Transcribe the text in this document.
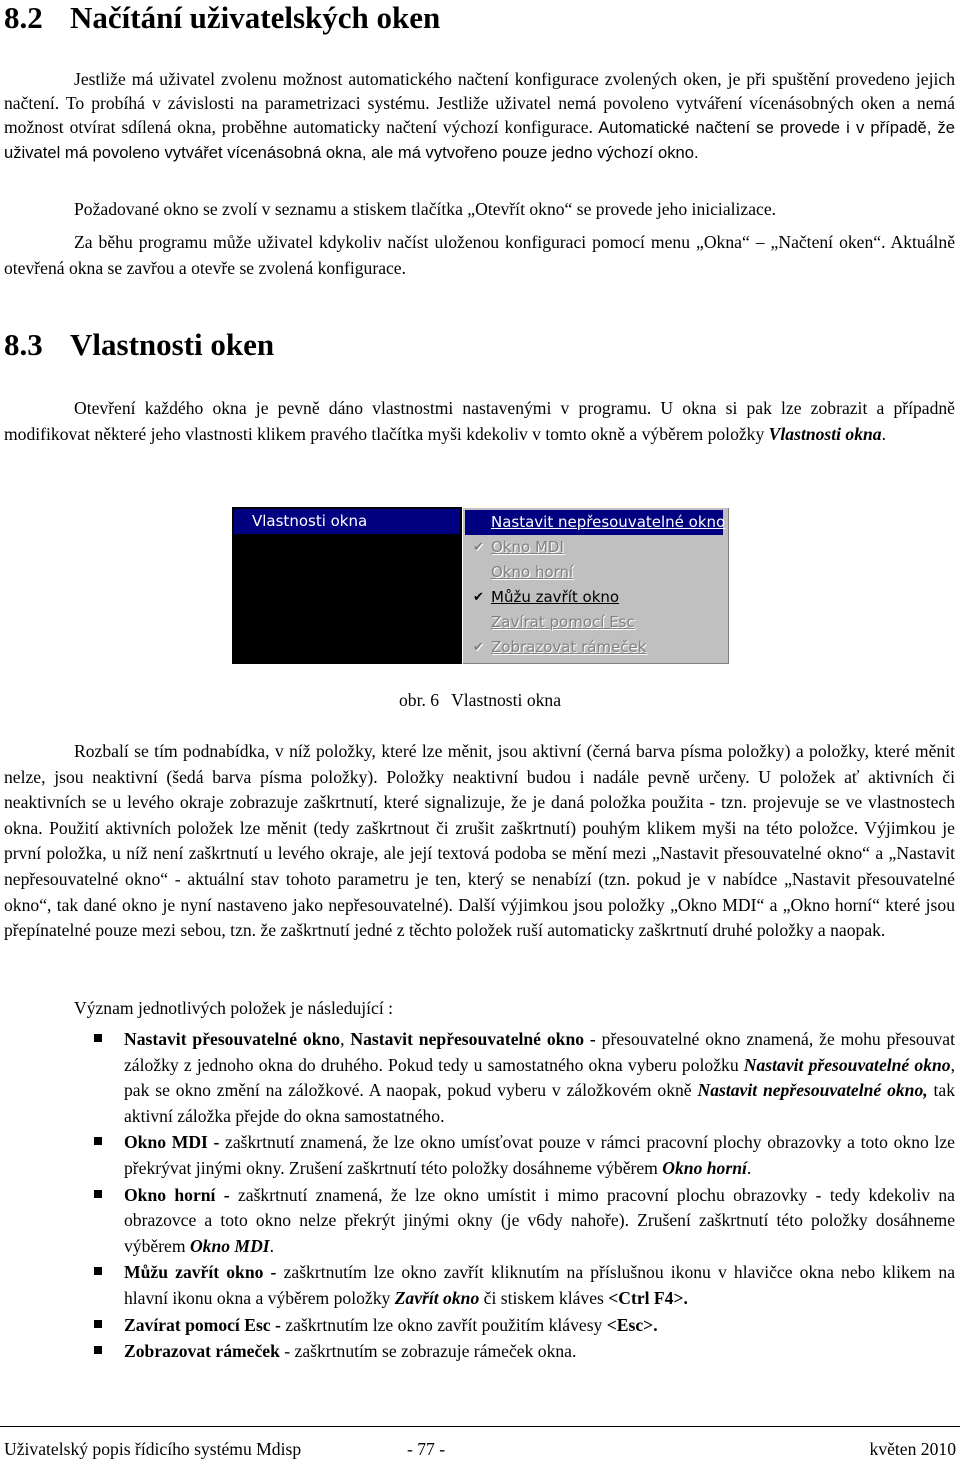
8.2 Načítání uživatelských oken

Jestliže má uživatel zvolenu možnost automatického načtení konfigurace zvolených oken, je při spuštění provedeno jejich načtení. To probíhá v závislosti na parametrizaci systému. Jestliže uživatel nemá povoleno vytváření vícenásobných oken a nemá možnost otvírat sdílená okna, proběhne automaticky načtení výchozí konfigurace. Automatické načtení se provede i v případě, že uživatel má povoleno vytvářet vícenásobná okna, ale má vytvořeno pouze jedno výchozí okno.

Požadované okno se zvolí v seznamu a stiskem tlačítka „Otevřít okno“ se provede jeho inicializace.

Za běhu programu může uživatel kdykoliv načíst uloženou konfiguraci pomocí menu „Okna“ – „Načtení oken“. Aktuálně otevřená okna se zavřou a otevře se zvolená konfigurace.

8.3 Vlastnosti oken

Otevření každého okna je pevně dáno vlastnostmi nastavenými v programu. U okna si pak lze zobrazit a případně modifikovat některé jeho vlastnosti klikem pravého tlačítka myši kdekoliv v tomto okně a výběrem položky Vlastnosti okna.

Vlastnosti okna	Nastavit nepřesouvatelné okno
✔ Okno MDI
Okno horní
✔ Můžu zavřít okno
Zavírat pomocí Esc
✔ Zobrazovat rámeček
obr. 6 Vlastnosti okna

Rozbalí se tím podnabídka, v níž položky, které lze měnit, jsou aktivní (černá barva písma položky) a položky, které měnit nelze, jsou neaktivní (šedá barva písma položky). Položky neaktivní budou i nadále pevně určeny. U položek ať aktivních či neaktivních se u levého okraje zobrazuje zaškrtnutí, které signalizuje, že je daná položka použita - tzn. projevuje se ve vlastnostech okna. Použití aktivních položek lze měnit (tedy zaškrtnout či zrušit zaškrtnutí) pouhým klikem myši na této položce. Výjimkou je první položka, u níž není zaškrtnutí u levého okraje, ale její textová podoba se mění mezi „Nastavit přesouvatelné okno“ a „Nastavit nepřesouvatelné okno“ - aktuální stav tohoto parametru je ten, který se nenabízí (tzn. pokud je v nabídce „Nastavit přesouvatelné okno“, tak dané okno je nyní nastaveno jako nepřesouvatelné). Další výjimkou jsou položky „Okno MDI“ a „Okno horní“ které jsou přepínatelné pouze mezi sebou, tzn. že zaškrtnutí jedné z těchto položek ruší automaticky zaškrtnutí druhé položky a naopak.

Význam jednotlivých položek je následující :

Nastavit přesouvatelné okno, Nastavit nepřesouvatelné okno - přesouvatelné okno znamená, že mohu přesouvat záložky z jednoho okna do druhého. Pokud tedy u samostatného okna vyberu položku Nastavit přesouvatelné okno, pak se okno změní na záložkové. A naopak, pokud vyberu v záložkovém okně Nastavit nepřesouvatelné okno, tak aktivní záložka přejde do okna samostatného.
Okno MDI - zaškrtnutí znamená, že lze okno umísťovat pouze v rámci pracovní plochy obrazovky a toto okno lze překrývat jinými okny. Zrušení zaškrtnutí této položky dosáhneme výběrem Okno horní.
Okno horní - zaškrtnutí znamená, že lze okno umístit i mimo pracovní plochu obrazovky - tedy kdekoliv na obrazovce a toto okno nelze překrýt jinými okny (je v6dy nahoře). Zrušení zaškrtnutí této položky dosáhneme výběrem Okno MDI.
Můžu zavřít okno - zaškrtnutím lze okno zavřít kliknutím na příslušnou ikonu v hlavičce okna nebo klikem na hlavní ikonu okna a výběrem položky Zavřít okno či stiskem kláves <Ctrl F4>.
Zavírat pomocí Esc - zaškrtnutím lze okno zavřít použitím klávesy <Esc>.
Zobrazovat rámeček - zaškrtnutím se zobrazuje rámeček okna.
Uživatelský popis řídicího systému Mdisp	- 77 -	květen 2010
